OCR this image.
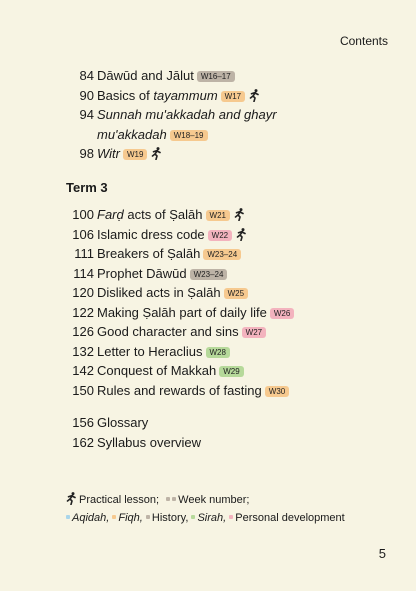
Contents
84 Dāwūd and Jālut W16–17
90 Basics of tayammum W17
94 Sunnah mu'akkadah and ghayr
mu'akkadah W18–19
98 Witr W19
Term 3
100 Farḍ acts of Ṣalāh W21
106 Islamic dress code W22
111 Breakers of Ṣalāh W23–24
114 Prophet Dāwūd W23–24
120 Disliked acts in Ṣalāh W25
122 Making Ṣalāh part of daily life W26
126 Good character and sins W27
132 Letter to Heraclius W28
142 Conquest of Makkah W29
150 Rules and rewards of fasting W30
156 Glossary
162 Syllabus overview
Practical lesson; Week number;
Aqidah, Fiqh, History, Sirah, Personal development
5
